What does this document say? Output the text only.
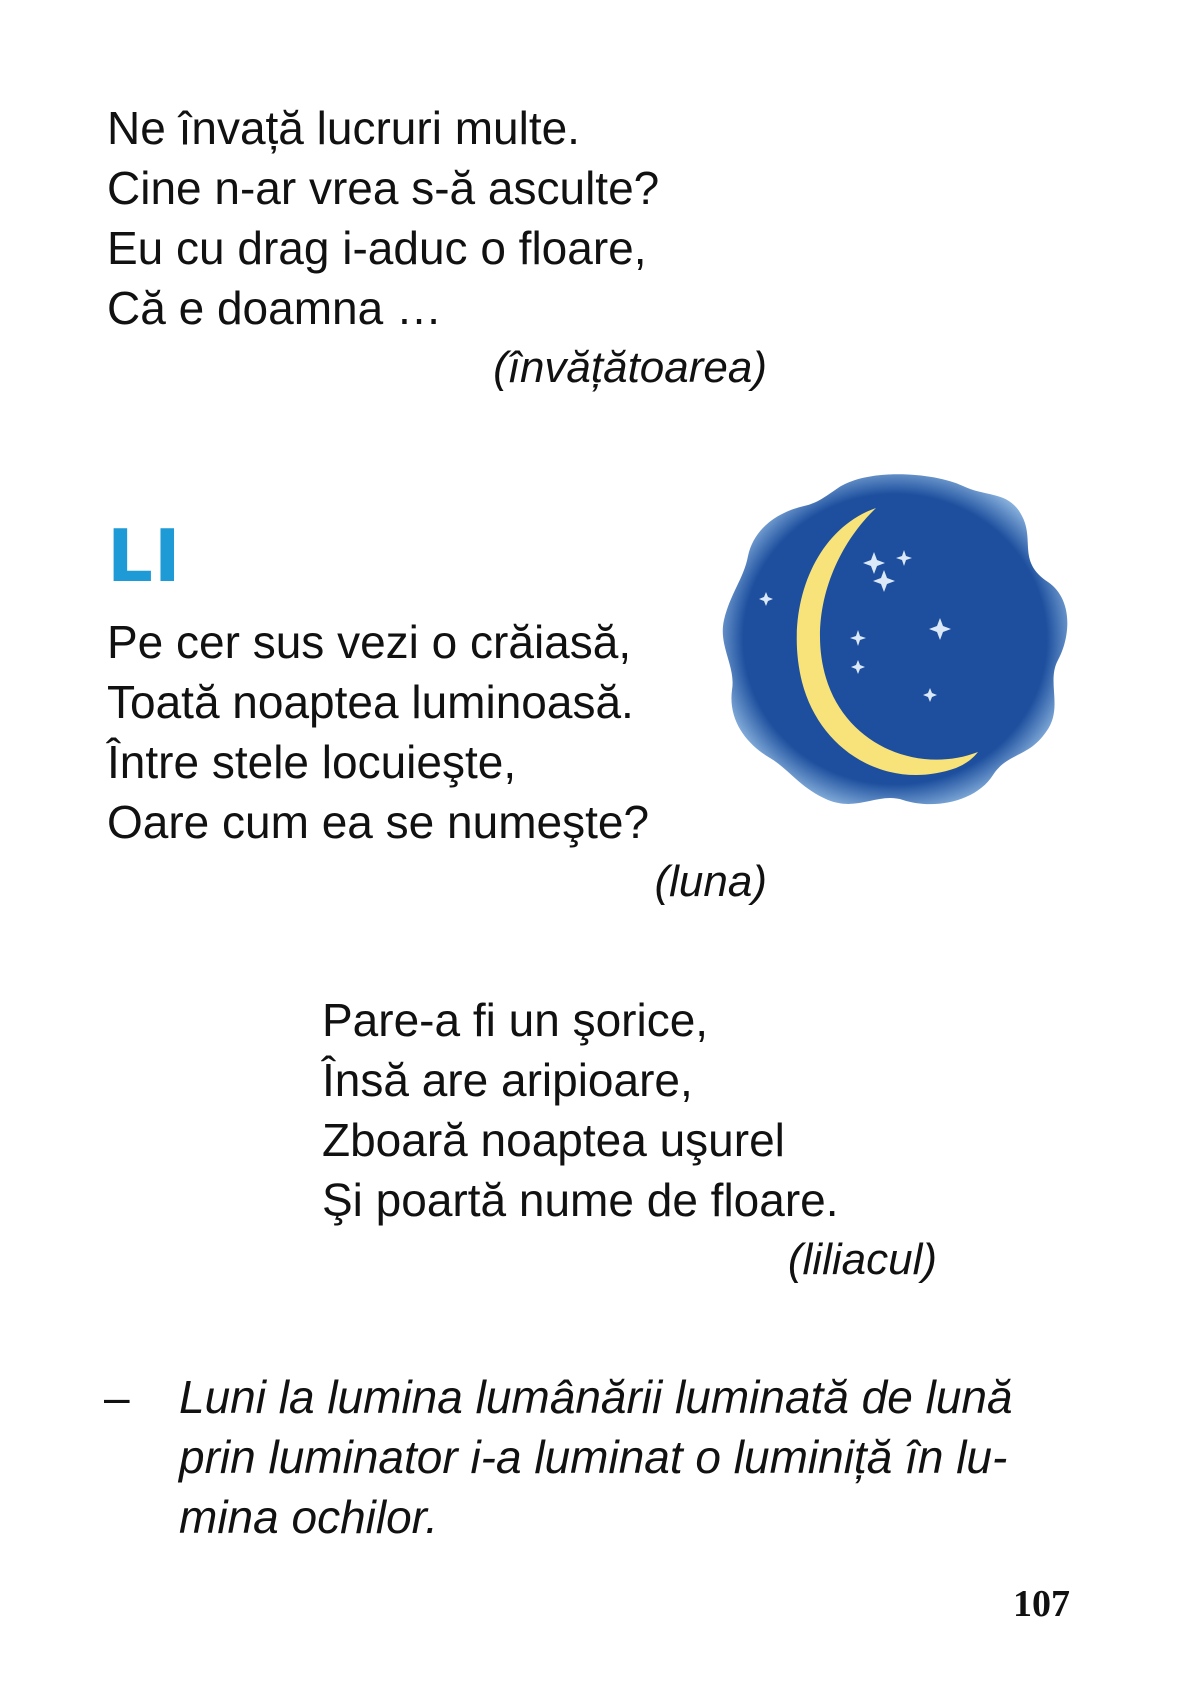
Ne învață lucruri multe.
Cine n-ar vrea s-ă asculte?
Eu cu drag i-aduc o floare,
Că e doamna …
(învățătoarea)
LI
Pe cer sus vezi o crăiasă,
Toată noaptea luminoasă.
Între stele locuieşte,
Oare cum ea se numeşte?
(luna)
Pare-a fi un şorice,
Însă are aripioare,
Zboară noaptea uşurel
Şi poartă nume de floare.
(liliacul)
– Luni la lumina lumânării luminată de lună
prin luminator i-a luminat o luminiță în lu-
mina ochilor.
107
